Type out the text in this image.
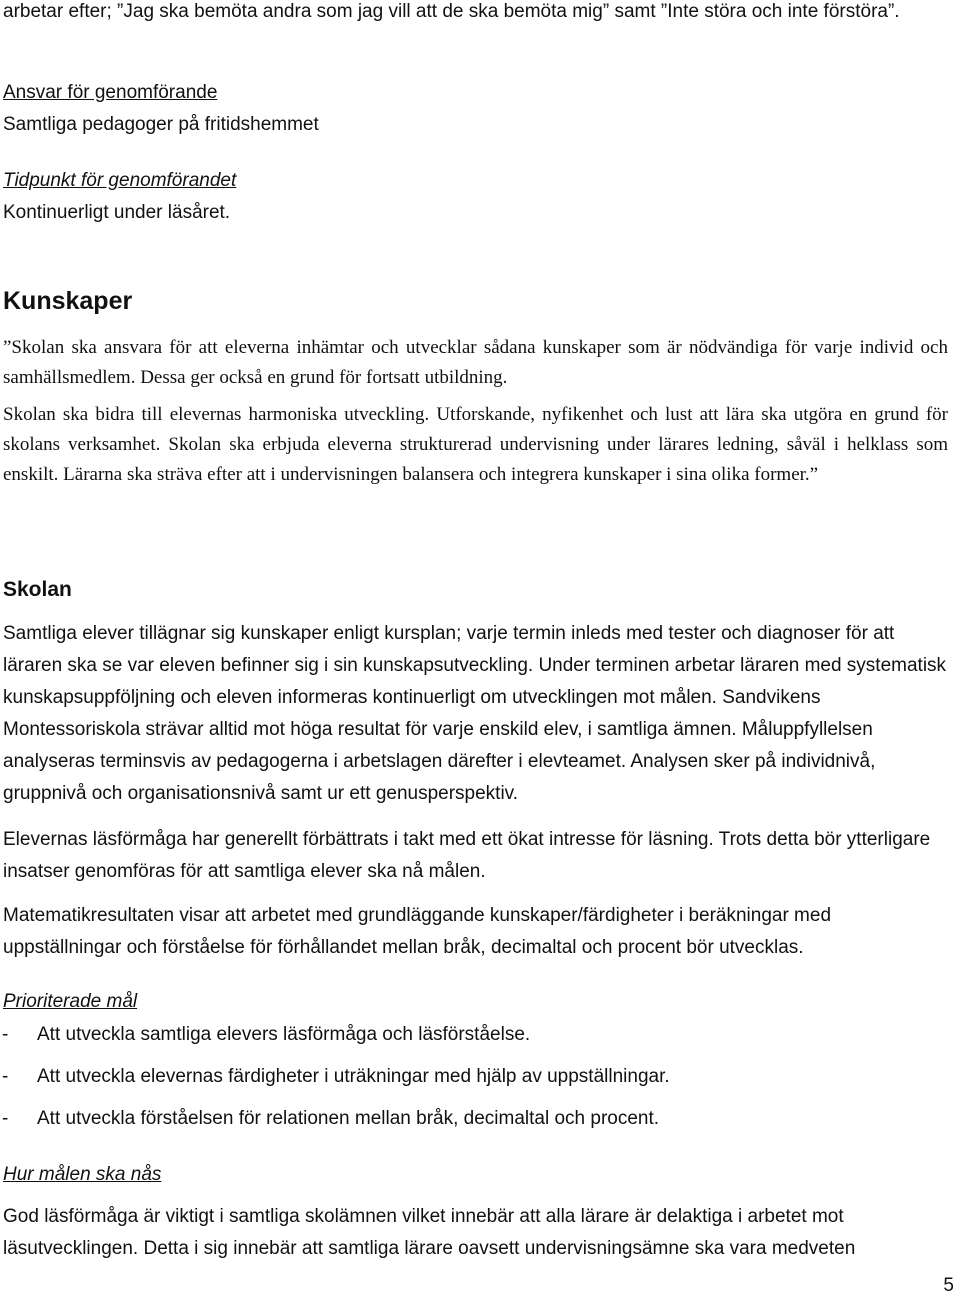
arbetar efter; ”Jag ska bemöta andra som jag vill att de ska bemöta mig” samt ”Inte störa och inte förstöra”.

Ansvar för genomförande
Samtliga pedagoger på fritidshemmet
Tidpunkt för genomförandet
Kontinuerligt under läsåret.
Kunskaper

”Skolan ska ansvara för att eleverna inhämtar och utvecklar sådana kunskaper som är nödvändiga för varje individ och samhällsmedlem. Dessa ger också en grund för fortsatt utbildning.

Skolan ska bidra till elevernas harmoniska utveckling. Utforskande, nyfikenhet och lust att lära ska utgöra en grund för skolans verksamhet. Skolan ska erbjuda eleverna strukturerad undervisning under lärares ledning, såväl i helklass som enskilt. Lärarna ska sträva efter att i undervisningen balansera och integrera kunskaper i sina olika former.”

Skolan

Samtliga elever tillägnar sig kunskaper enligt kursplan; varje termin inleds med tester och diagnoser för att läraren ska se var eleven befinner sig i sin kunskapsutveckling. Under terminen arbetar läraren med systematisk kunskapsuppföljning och eleven informeras kontinuerligt om utvecklingen mot målen. Sandvikens Montessoriskola strävar alltid mot höga resultat för varje enskild elev, i samtliga ämnen. Måluppfyllelsen analyseras terminsvis av pedagogerna i arbetslagen därefter i elevteamet. Analysen sker på individnivå, gruppnivå och organisationsnivå samt ur ett genusperspektiv.

Elevernas läsförmåga har generellt förbättrats i takt med ett ökat intresse för läsning. Trots detta bör ytterligare insatser genomföras för att samtliga elever ska nå målen.

Matematikresultaten visar att arbetet med grundläggande kunskaper/färdigheter i beräkningar med uppställningar och förståelse för förhållandet mellan bråk, decimaltal och procent bör utvecklas.

Prioriterade mål
- Att utveckla samtliga elevers läsförmåga och läsförståelse.
- Att utveckla elevernas färdigheter i uträkningar med hjälp av uppställningar.
- Att utveckla förståelsen för relationen mellan bråk, decimaltal och procent.
Hur målen ska nås

God läsförmåga är viktigt i samtliga skolämnen vilket innebär att alla lärare är delaktiga i arbetet mot läsutvecklingen. Detta i sig innebär att samtliga lärare oavsett undervisningsämne ska vara medveten

5
